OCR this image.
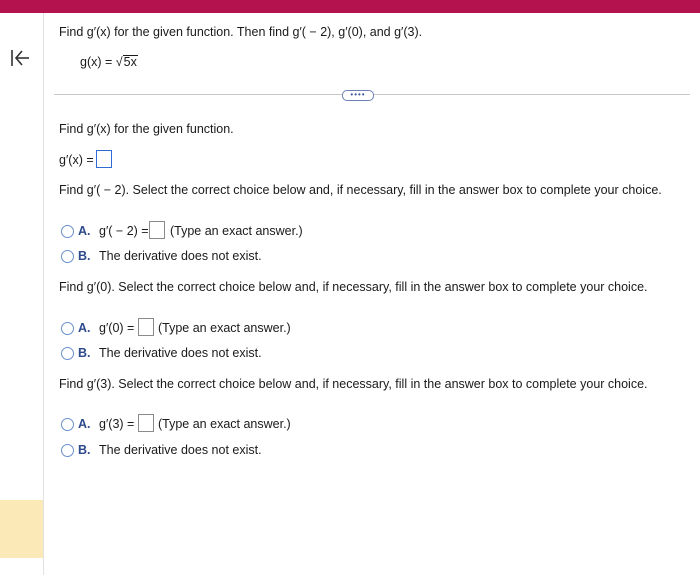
Find g′(x) for the given function. Then find g′( − 2), g′(0), and g′(3).
g(x) = √5x
••••
Find g′(x) for the given function.
g′(x) =
Find g′( − 2). Select the correct choice below and, if necessary, fill in the answer box to complete your choice.
A. g′( − 2) = (Type an exact answer.)
B. The derivative does not exist.
Find g′(0). Select the correct choice below and, if necessary, fill in the answer box to complete your choice.
A. g′(0) = (Type an exact answer.)
B. The derivative does not exist.
Find g′(3). Select the correct choice below and, if necessary, fill in the answer box to complete your choice.
A. g′(3) = (Type an exact answer.)
B. The derivative does not exist.
